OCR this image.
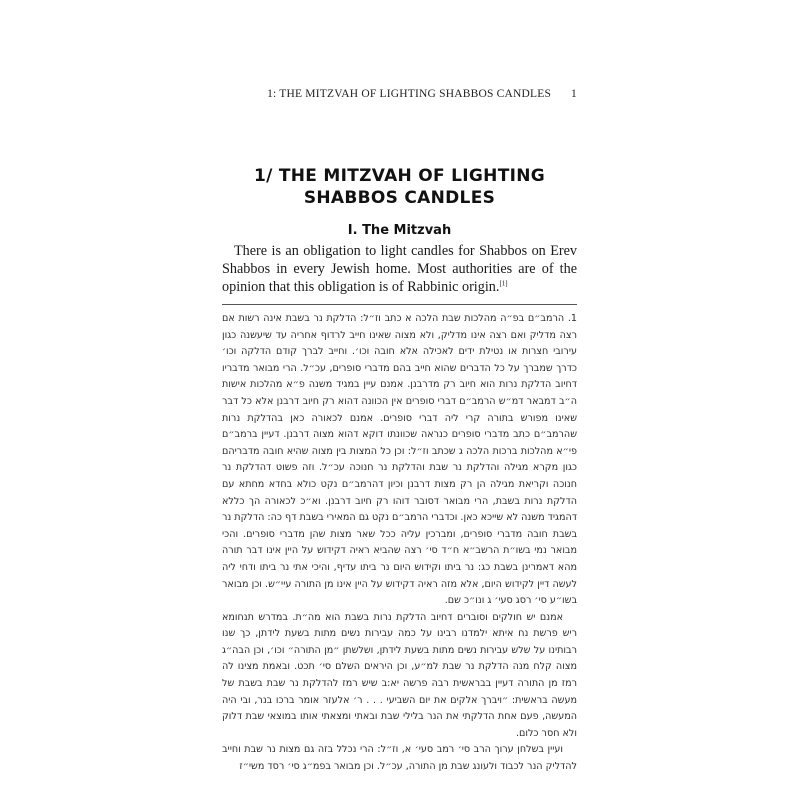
1: THE MITZVAH OF LIGHTING SHABBOS CANDLES 1
1/ THE MITZVAH OF LIGHTING
SHABBOS CANDLES
I. The Mitzvah
There is an obligation to light candles for Shabbos on Erev Shabbos in every Jewish home. Most authorities are of the opinion that this obligation is of Rabbinic origin.[1]

1. הרמב״ם בפ״ה מהלכות שבת הלכה א כתב וז״ל: הדלקת נר בשבת אינה רשות אם רצה מדליק ואם רצה אינו מדליק, ולא מצוה שאינו חייב לרדוף אחריה עד שיעשנה כגון עירובי חצרות או נטילת ידים לאכילה אלא חובה וכו׳. וחייב לברך קודם הדלקה וכו׳ כדרך שמברך על כל הדברים שהוא חייב בהם מדברי סופרים, עכ״ל. הרי מבואר מדבריו דחיוב הדלקת נרות הוא חיוב רק מדרבנן. אמנם עיין במגיד משנה פ״א מהלכות אישות ה״ב דמבאר דמ״ש הרמב״ם דברי סופרים אין הכוונה דהוא רק חיוב דרבנן אלא כל דבר שאינו מפורש בתורה קרי ליה דברי סופרים. אמנם לכאורה כאן בהדלקת נרות שהרמב״ם כתב מדברי סופרים כנראה שכוונתו דוקא דהוא מצוה דרבנן. דעיין ברמב״ם פי״א מהלכות ברכות הלכה ג שכתב וז״ל: וכן כל המצות בין מצוה שהיא חובה מדבריהם כגון מקרא מגילה והדלקת נר שבת והדלקת נר חנוכה עכ״ל. וזה פשוט דהדלקת נר חנוכה וקריאת מגילה הן רק מצות דרבנן וכיון דהרמב״ם נקט כולא בחדא מחתא עם הדלקת נרות בשבת, הרי מבואר דסובר דוהו רק חיוב דרבנן. וא״כ לכאורה הך כללא דהמגיד משנה לא שייכא כאן. וכדברי הרמב״ם נקט גם המאירי בשבת דף כה: הדלקת נר בשבת חובה מדברי סופרים, ומברכין עליה ככל שאר מצות שהן מדברי סופרים. והכי מבואר נמי בשו״ת הרשב״א ח״ד סי׳ רצה שהביא ראיה דקידוש על היין אינו דבר תורה מהא דאמרינן בשבת כג: נר ביתו וקידוש היום נר ביתו עדיף, והיכי אתי נר ביתו ודחי ליה לעשה דיין לקידוש היום, אלא מזה ראיה דקידוש על היין אינו מן התורה עיי״ש. וכן מבואר בשו״ע סי׳ רסג סעי׳ ג ונו״כ שם.

אמנם יש חולקים וסוברים דחיוב הדלקת נרות בשבת הוא מה״ת. במדרש תנחומא ריש פרשת נח איתא ילמדנו רבינו על כמה עבירות נשים מתות בשעת לידתן, כך שנו רבותינו על שלש עבירות נשים מתות בשעת לידתן, ושלשתן ״מן התורה״ וכו׳, וכן הבה״ג מצוה קלח מנה הדלקת נר שבת למ״ע, וכן היראים השלם סי׳ תכט. ובאמת מצינו לה רמז מן התורה דעיין בבראשית רבה פרשה יא:ב שיש רמז להדלקת נר שבת בשבת של מעשה בראשית: ״ויברך אלקים את יום השביעי . . . ר׳ אלעזר אומר ברכו בנר, ובי היה המעשה, פעם אחת הדלקתי את הנר בלילי שבת ובאתי ומצאתי אותו במוצאי שבת דלוק ולא חסר כלום.

ועיין בשלחן ערוך הרב סי׳ רמב סעי׳ א, וז״ל: הרי נכלל בזה גם מצות נר שבת וחייב להדליק הנר לכבוד ולעונג שבת מן התורה, עכ״ל. וכן מבואר בפמ״ג סי׳ רסד משי״ז
